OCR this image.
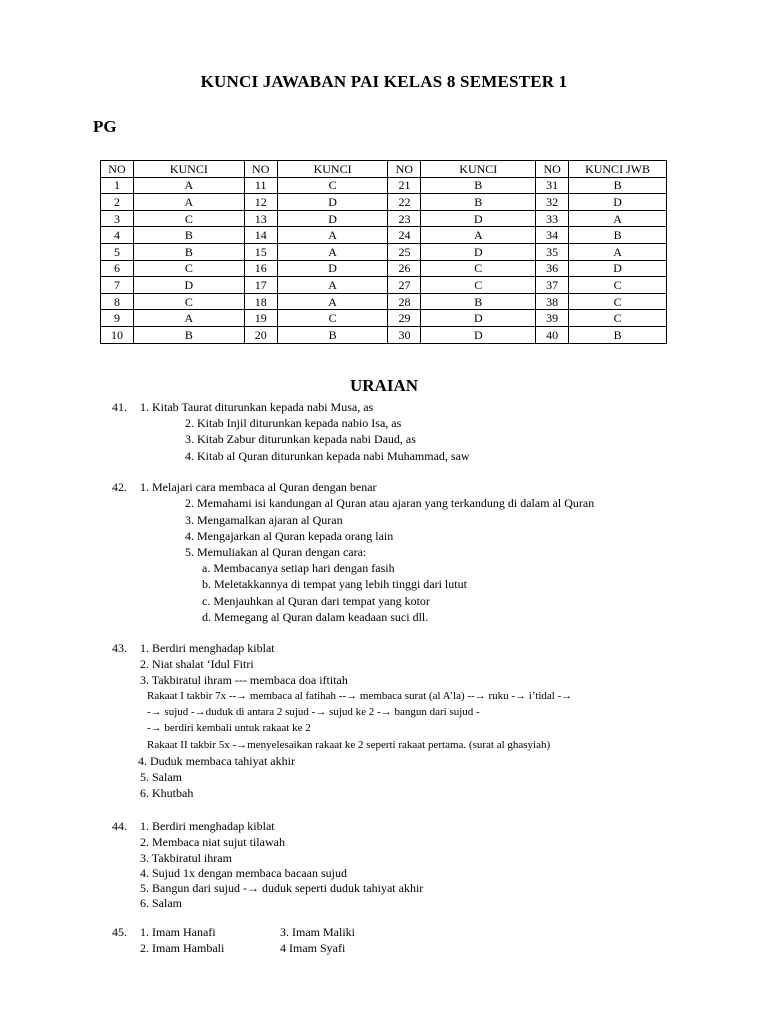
KUNCI JAWABAN PAI KELAS 8 SEMESTER 1
PG
NO	KUNCI	NO	KUNCI	NO	KUNCI	NO	KUNCI JWB
1	A	11	C	21	B	31	B
2	A	12	D	22	B	32	D
3	C	13	D	23	D	33	A
4	B	14	A	24	A	34	B
5	B	15	A	25	D	35	A
6	C	16	D	26	C	36	D
7	D	17	A	27	C	37	C
8	C	18	A	28	B	38	C
9	A	19	C	29	D	39	C
10	B	20	B	30	D	40	B
URAIAN
41. 1. Kitab Taurat diturunkan kepada nabi Musa, as
2. Kitab Injil diturunkan kepada nabio Isa, as
3. Kitab Zabur diturunkan kepada nabi Daud, as
4. Kitab al Quran diturunkan kepada nabi Muhammad, saw
42. 1. Melajari cara membaca al Quran dengan benar
2. Memahami isi kandungan al Quran atau ajaran yang terkandung di dalam al Quran
3. Mengamalkan ajaran al Quran
4. Mengajarkan al Quran kepada orang lain
5. Memuliakan al Quran dengan cara:
a. Membacanya setiap hari dengan fasih
b. Meletakkannya di tempat yang lebih tinggi dari lutut
c. Menjauhkan al Quran dari tempat yang kotor
d. Memegang al Quran dalam keadaan suci dll.
43. 1. Berdiri menghadap kiblat
2. Niat shalat ‘Idul Fitri
3. Takbiratul ihram --- membaca doa iftitah
Rakaat I takbir 7x --→ membaca al fatihah --→ membaca surat (al A’la) --→ ruku -→ i’tidal -→
-→ sujud -→duduk di antara 2 sujud -→ sujud ke 2 -→ bangun dari sujud -
-→ berdiri kembali untuk rakaat ke 2
Rakaat II takbir 5x -→menyelesaikan rakaat ke 2 seperti rakaat pertama. (surat al ghasyiah)
4. Duduk membaca tahiyat akhir
5. Salam
6. Khutbah
44. 1. Berdiri menghadap kiblat
2. Membaca niat sujut tilawah
3. Takbiratul ihram
4. Sujud 1x dengan membaca bacaan sujud
5. Bangun dari sujud -→ duduk seperti duduk tahiyat akhir
6. Salam
45. 1. Imam Hanafi
2. Imam Hambali
3. Imam Maliki
4 Imam Syafi
